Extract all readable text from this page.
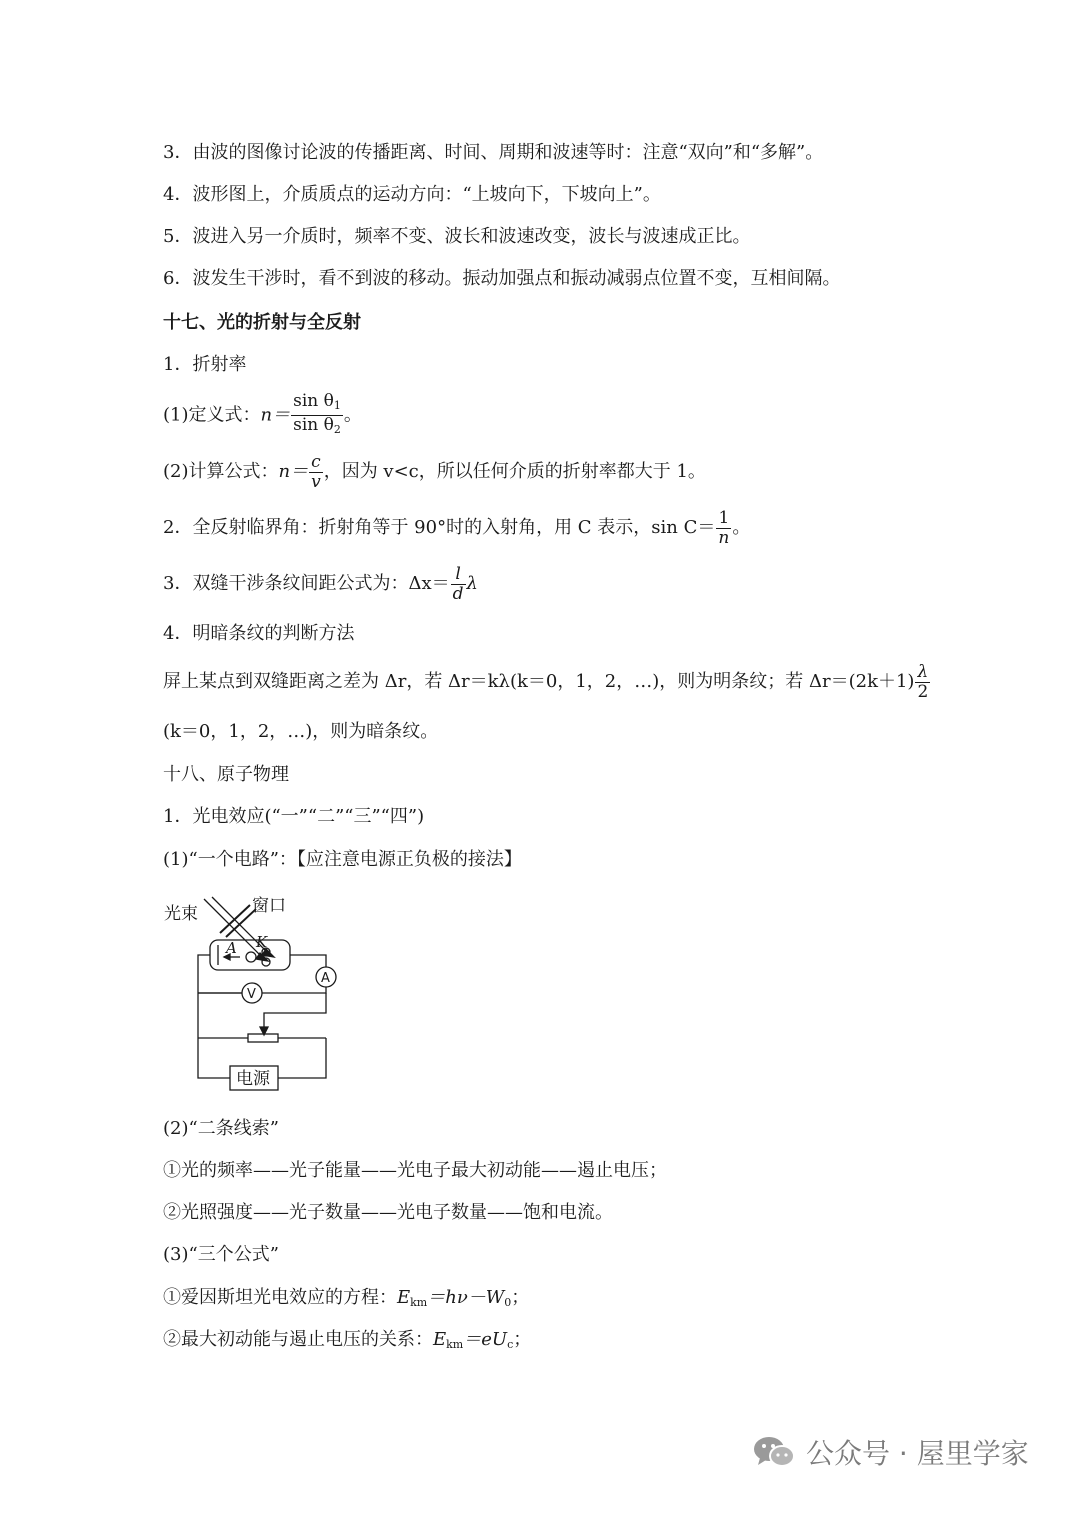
3．由波的图像讨论波的传播距离、时间、周期和波速等时：注意“双向”和“多解”。
4．波形图上，介质质点的运动方向：“上坡向下，下坡向上”。
5．波进入另一介质时，频率不变、波长和波速改变，波长与波速成正比。
6．波发生干涉时，看不到波的移动。振动加强点和振动减弱点位置不变，互相间隔。
十七、光的折射与全反射
1．折射率
(1)定义式：$n= \frac{\sin \theta_1}{\sin \theta_2}$ 。
(2)计算公式：$n= \frac{c}{v}$ ，因为 v<c，所以任何介质的折射率都大于 1。
2．全反射临界角：折射角等于 90°时的入射角，用 C 表示，$\sin C= \frac{1}{n}$ 。
3．双缝干涉条纹间距公式为：$\Delta x= \frac{l}{d}$ λ
4．明暗条纹的判断方法
屏上某点到双缝距离之差为 Δr，若 Δr＝kλ(k＝0，1，2，…)，则为明条纹；若 $\Delta r=(2k+1) \frac{\lambda}{2}$
(k＝0，1，2，…)，则为暗条纹。
十八、原子物理
1．光电效应(“一”“二”“三”“四”)
(1)“一个电路”：【应注意电源正负极的接法】
光束	窗口
A K
A
V
电源
(2)“二条线索”
①光的频率——光子能量——光电子最大初动能——遏止电压；
②光照强度——光子数量——光电子数量——饱和电流。
(3)“三个公式”
①爱因斯坦光电效应的方程：$E_{km}=h\nu-W_0$；
②最大初动能与遏止电压的关系：$E_{km}=eU_c$；
公众号 · 屋里学家
